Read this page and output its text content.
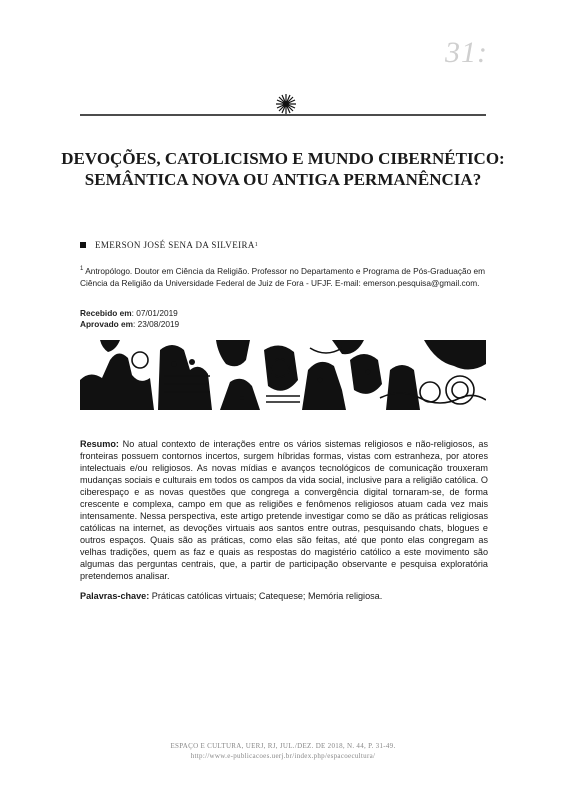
31:
DEVOÇÕES, CATOLICISMO E MUNDO CIBERNÉTICO: SEMÂNTICA NOVA OU ANTIGA PERMANÊNCIA?
EMERSON JOSÉ SENA DA SILVEIRA 1
$^1$ Antropólogo. Doutor em Ciência da Religião. Professor no Departamento e Programa de Pós-Graduação em Ciência da Religião da Universidade Federal de Juiz de Fora - UFJF. E-mail: emerson.pesquisa@gmail.com.
Recebido em: 07/01/2019
Aprovado em: 23/08/2019

Resumo: No atual contexto de interações entre os vários sistemas religiosos e não-religiosos, as fronteiras possuem contornos incertos, surgem híbridas formas, vistas com estranheza, por atores intelectuais e/ou religiosos. As novas mídias e avanços tecnológicos de comunicação trouxeram mudanças sociais e culturais em todos os campos da vida social, inclusive para a religião católica. O ciberespaço e as novas questões que congrega a convergência digital tornaram-se, de forma crescente e complexa, campo em que as religiões e fenômenos religiosos atuam cada vez mais intensamente. Nessa perspectiva, este artigo pretende investigar como se dão as práticas religiosas católicas na internet, as devoções virtuais aos santos entre outras, pesquisando chats, blogues e outros espaços. Quais são as práticas, como elas são feitas, até que ponto elas congregam as velhas tradições, quem as faz e quais as respostas do magistério católico a este movimento são algumas das perguntas centrais, que, a partir de participação observante e pesquisa exploratória pretendemos analisar.

Palavras-chave: Práticas católicas virtuais; Catequese; Memória religiosa.
ESPAÇO E CULTURA, UERJ, RJ, JUL./DEZ. DE 2018, N. 44, P. 31-49.
http://www.e-publicacoes.uerj.br/index.php/espacoecultura/
